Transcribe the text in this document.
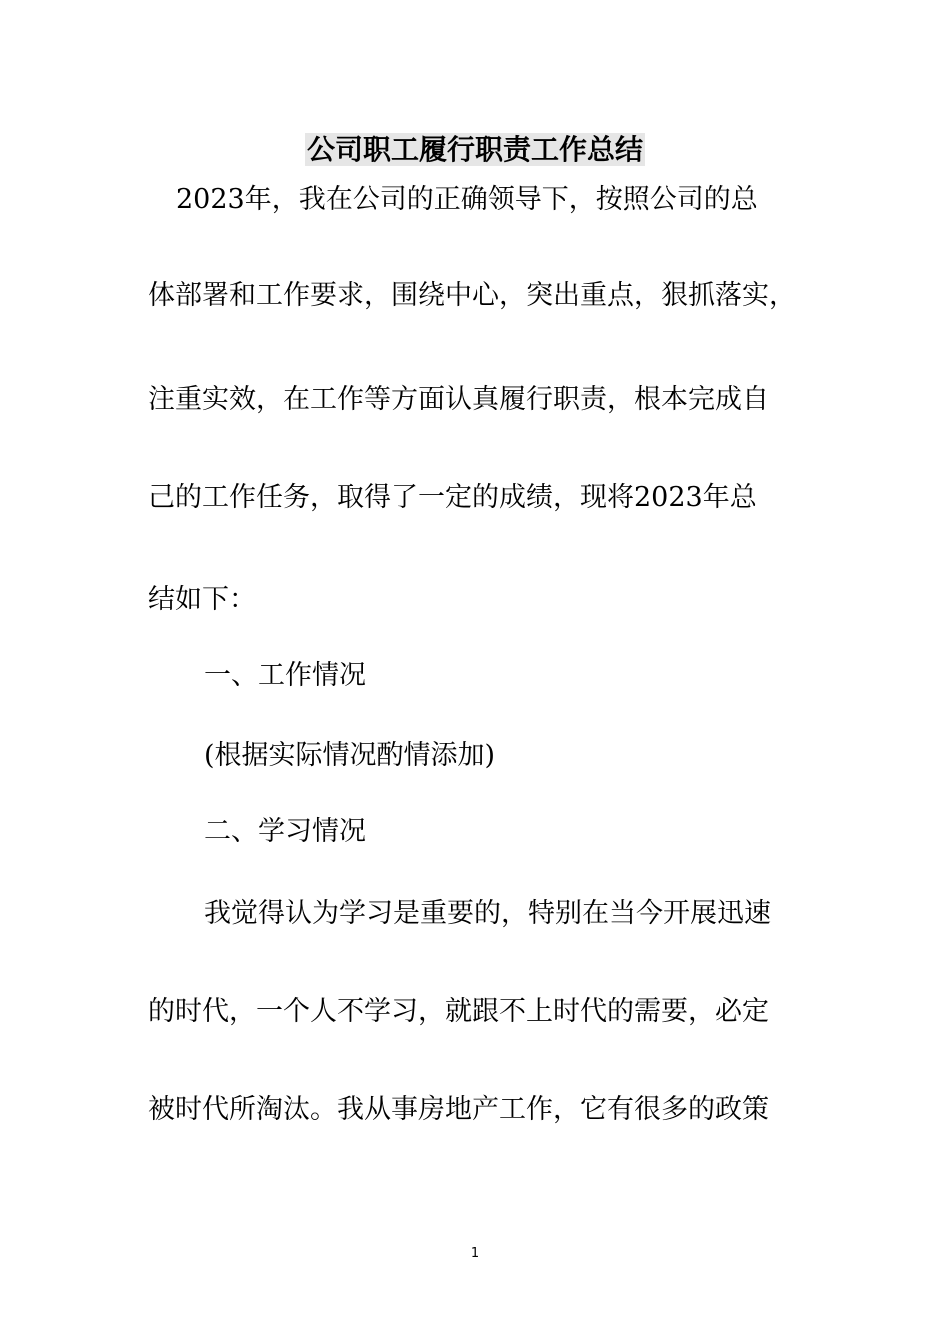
公司职工履行职责工作总结

2023年，我在公司的正确领导下，按照公司的总

体部署和工作要求，围绕中心，突出重点，狠抓落实，

注重实效，在工作等方面认真履行职责，根本完成自

己的工作任务，取得了一定的成绩，现将2023年总

结如下：

一、工作情况

(根据实际情况酌情添加)

二、学习情况

我觉得认为学习是重要的，特别在当今开展迅速

的时代，一个人不学习，就跟不上时代的需要，必定

被时代所淘汰。我从事房地产工作，它有很多的政策

1
